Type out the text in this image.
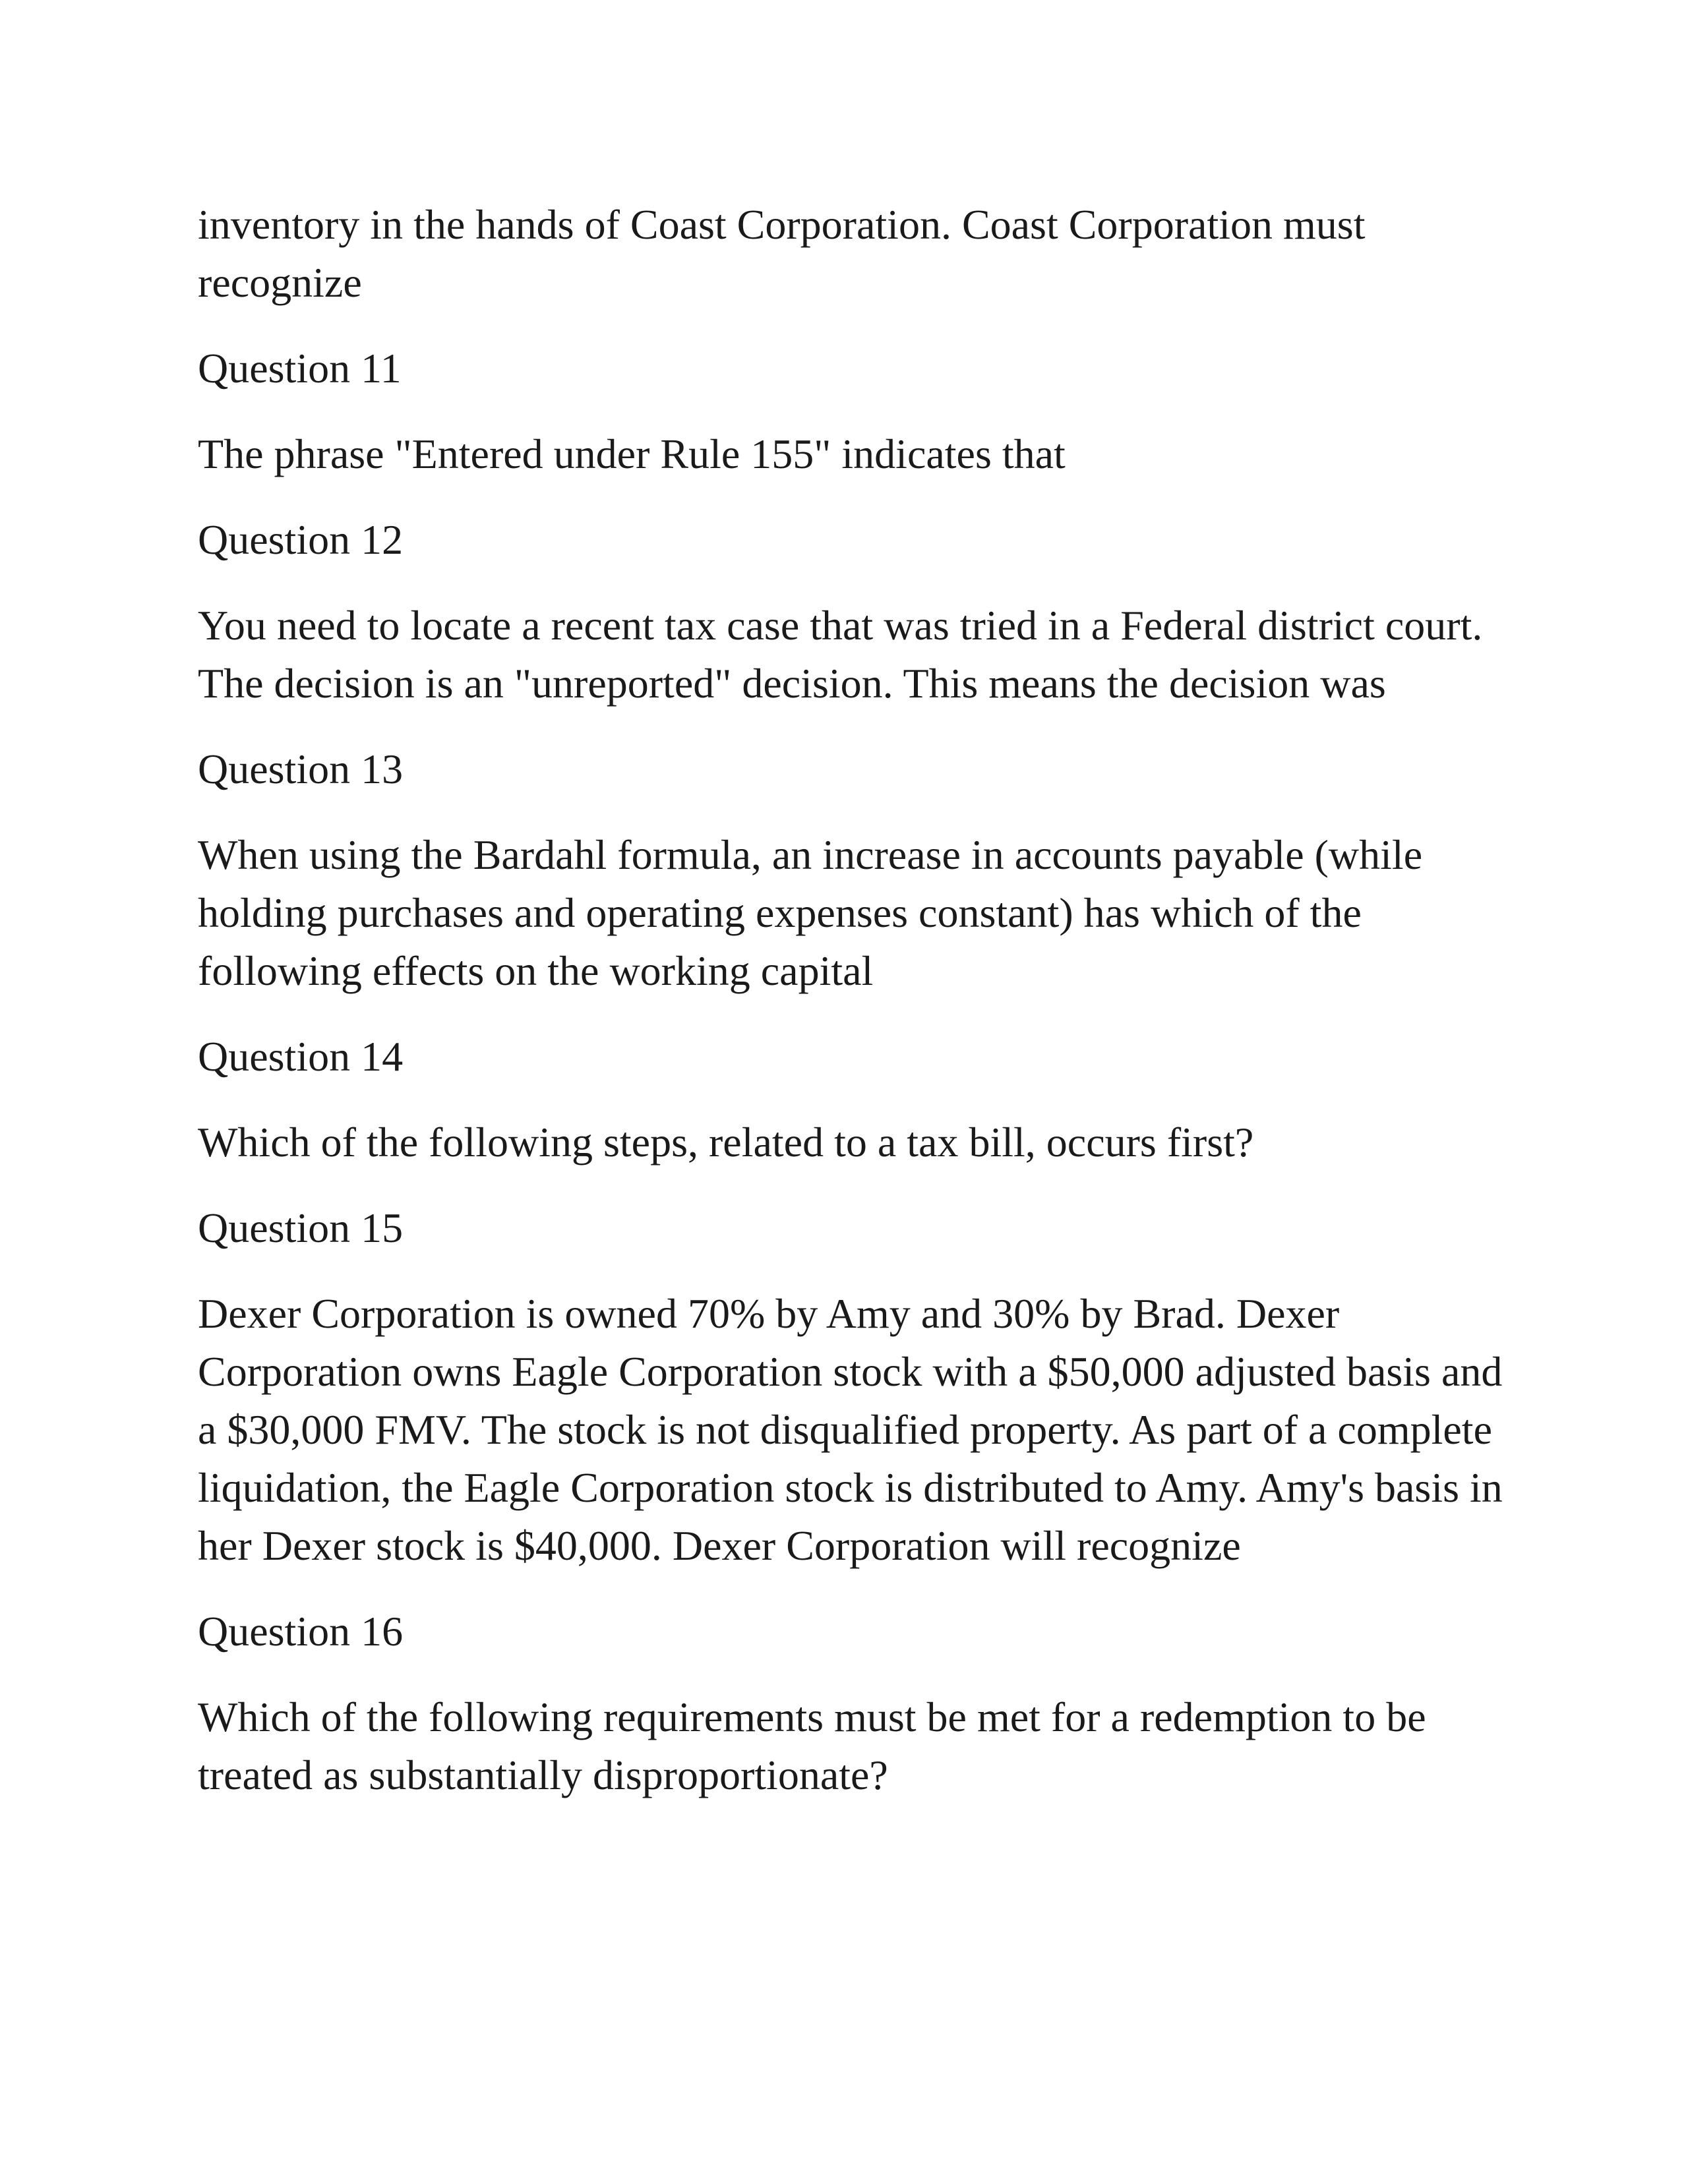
inventory in the hands of Coast Corporation. Coast Corporation must recognize

Question 11

The phrase "Entered under Rule 155" indicates that

Question 12

You need to locate a recent tax case that was tried in a Federal district court. The decision is an "unreported" decision. This means the decision was

Question 13

When using the Bardahl formula, an increase in accounts payable (while holding purchases and operating expenses constant) has which of the following effects on the working capital

Question 14

Which of the following steps, related to a tax bill, occurs first?

Question 15

Dexer Corporation is owned 70% by Amy and 30% by Brad. Dexer Corporation owns Eagle Corporation stock with a $50,000 adjusted basis and a $30,000 FMV. The stock is not disqualified property. As part of a complete liquidation, the Eagle Corporation stock is distributed to Amy. Amy's basis in her Dexer stock is $40,000. Dexer Corporation will recognize

Question 16

Which of the following requirements must be met for a redemption to be treated as substantially disproportionate?
